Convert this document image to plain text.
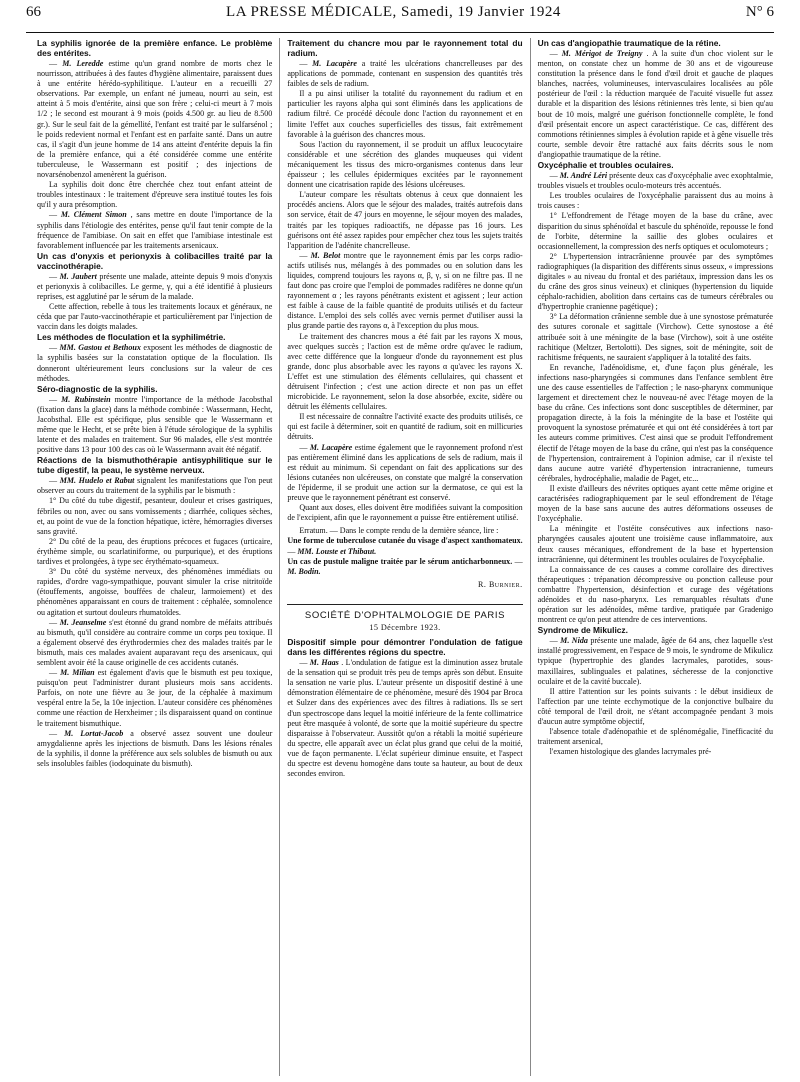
66	LA PRESSE MÉDICALE, Samedi, 19 Janvier 1924	N° 6
La syphilis ignorée de la première enfance. Le problème des entérites.

— M. Leredde estime qu'un grand nombre de morts chez le nourrisson, attribuées à des fautes d'hygiène alimentaire, paraissent dues à une entérite hérédo-syphilitique. L'auteur en a recueilli 27 observations. Par exemple, un enfant né jumeau, nourri au sein, est atteint à 5 mois d'entérite, ainsi que son frère ; celui-ci meurt à 7 mois 1/2 ; le second est mourant à 9 mois (poids 4.500 gr. au lieu de 8.500 gr.). Sur le seul fait de la gémellité, l'enfant est traité par le sulfarsénol ; le poids redevient normal et l'enfant est en parfaite santé. Dans un autre cas, il s'agit d'un jeune homme de 14 ans atteint d'entérite depuis la fin de la première enfance, qui a été considérée comme une entérite tuberculeuse, le Wassermann est positif ; des injections de novarsénobenzol amenèrent la guérison.

La syphilis doit donc être cherchée chez tout enfant atteint de troubles intestinaux : le traitement d'épreuve sera institué toutes les fois qu'il y aura présomption.

— M. Clément Simon , sans mettre en doute l'importance de la syphilis dans l'étiologie des entérites, pense qu'il faut tenir compte de la fréquence de l'amibiase. On sait en effet que l'amibiase intestinale est favorablement influencée par les traitements arsenicaux.

Un cas d'onyxis et perionyxis à colibacilles traité par la vaccinothérapie.

— M. Jaubert présente une malade, atteinte depuis 9 mois d'onyxis et perionyxis à colibacilles. Le germe, γ, qui a été identifié à plusieurs reprises, est agglutiné par le sérum de la malade.

Cette affection, rebelle à tous les traitements locaux et généraux, ne céda que par l'auto-vaccinothérapie et particulièrement par l'injection de vaccin dans les doigts malades.

Les méthodes de floculation et la syphilimétrie.

— MM. Gastou et Bethoux exposent les méthodes de diagnostic de la syphilis basées sur la constatation optique de la floculation. Ils donneront ultérieurement leurs conclusions sur la valeur de ces méthodes.

Séro-diagnostic de la syphilis.

— M. Rubinstein montre l'importance de la méthode Jacobsthal (fixation dans la glace) dans la méthode combinée : Wassermann, Hecht, Jacobsthal. Elle est spécifique, plus sensible que le Wassermann et même que le Hecht, et se prête bien à l'étude sérologique de la syphilis latente et des malades en traitement. Sur 96 malades, elle s'est montrée positive dans 13 pour 100 des cas où le Wassermann avait été négatif.

Réactions de la bismuthothérapie antisyphilitique sur le tube digestif, la peau, le système nerveux.

— MM. Hudelo et Rabut signalent les manifestations que l'on peut observer au cours du traitement de la syphilis par le bismuth :

1° Du côté du tube digestif, pesanteur, douleur et crises gastriques, fébriles ou non, avec ou sans vomissements ; diarrhée, coliques sèches, et, au point de vue de la fonction hépatique, ictère, hémorragies diverses sans gravité.

2° Du côté de la peau, des éruptions précoces et fugaces (urticaire, érythème simple, ou scarlatiniforme, ou purpurique), et des éruptions tardives et prolongées, à type sec érythémato-squameux.

3° Du côté du système nerveux, des phénomènes immédiats ou rapides, d'ordre vago-sympathique, pouvant simuler la crise nitritoïde (étouffements, angoisse, bouffées de chaleur, larmoiement) et des phénomènes apparaissant en cours de traitement : céphalée, somnolence ou agitation et surtout douleurs rhumatoïdes.

— M. Jeanselme s'est étonné du grand nombre de méfaits attribués au bismuth, qu'il considère au contraire comme un corps peu toxique. Il a également observé des érythrodermies chez des malades traités par le bismuth, mais ces malades avaient auparavant reçu des arsenicaux, qui semblent avoir été la cause originelle de ces accidents cutanés.

— M. Milian est également d'avis que le bismuth est peu toxique, puisqu'on peut l'administrer durant plusieurs mois sans accidents. Parfois, on note une fièvre au 3e jour, de la céphalée à maximum vespéral entre la 5e, la 10e injection. L'auteur considère ces phénomènes comme une réaction de Herxheimer ; ils disparaissent quand on continue le traitement bismuthique.

— M. Lortat-Jacob a observé assez souvent une douleur amygdalienne après les injections de bismuth. Dans les lésions rénales de la syphilis, il donne la préférence aux sels solubles de bismuth ou aux sels insolubles faibles (iodoquinate du bismuth).

Traitement du chancre mou par le rayonnement total du radium.

— M. Lacapère a traité les ulcérations chancrelleuses par des applications de pommade, contenant en suspension des quantités très faibles de sels de radium.

Il a pu ainsi utiliser la totalité du rayonnement du radium et en particulier les rayons alpha qui sont éliminés dans les applications de radium filtré. Ce procédé découle donc l'action du rayonnement et en limite l'effet aux couches superficielles des tissus, fait extrêmement favorable à la guérison des chancres mous.

Sous l'action du rayonnement, il se produit un afflux leucocytaire considérable et une sécrétion des glandes muqueuses qui vident mécaniquement les tissus des micro-organismes contenus dans leur épaisseur ; les cellules épidermiques excitées par le rayonnement donnent une cicatrisation rapide des lésions ulcéreuses.

L'auteur compare les résultats obtenus à ceux que donnaient les procédés anciens. Alors que le séjour des malades, traités autrefois dans son service, était de 47 jours en moyenne, le séjour moyen des malades, traités par les topiques radioactifs, ne dépasse pas 16 jours. Les guérisons ont été assez rapides pour empêcher chez tous les sujets traités l'apparition de l'adénite chancrelleuse.

— M. Belot montre que le rayonnement émis par les corps radio-actifs utilisés nus, mélangés à des pommades ou en solution dans les liquides, comprend toujours les rayons α, β, γ, si on ne filtre pas. Il ne faut donc pas croire que l'emploi de pommades radifères ne donne qu'un rayonnement α ; les rayons pénétrants existent et agissent ; leur action est faible à cause de la faible quantité de produits utilisés et du facteur distance. L'emploi des sels collés avec vernis permet d'utiliser aussi la plus grande partie des rayons α, à l'exception du plus mous.

Le traitement des chancres mous a été fait par les rayons X mous, avec quelques succès ; l'action est de même ordre qu'avec le radium, avec cette différence que la longueur d'onde du rayonnement est plus grande, donc plus absorbable avec les rayons α qu'avec les rayons X. L'effet est une stimulation des éléments cellulaires, qui chassent et détruisent l'infection ; c'est une action directe et non pas un effet microbicide. Le rayonnement, selon la dose absorbée, excite, sidère ou détruit les éléments cellulaires.

Il est nécessaire de connaître l'activité exacte des produits utilisés, ce qui est facile à déterminer, soit en quantité de radium, soit en millicuries détruits.

— M. Lacapère estime également que le rayonnement profond n'est pas entièrement éliminé dans les applications de sels de radium, mais il est réduit au minimum. Si cependant on fait des applications sur des lésions cutanées non ulcéreuses, on constate que malgré la conservation de l'épiderme, il se produit une action sur la dermatose, ce qui est la preuve que le rayonnement pénétrant est conservé.

Quant aux doses, elles doivent être modifiées suivant la composition de l'excipient, afin que le rayonnement α puisse être entièrement utilisé.

Erratum. — Dans le compte rendu de la dernière séance, lire :

Une forme de tuberculose cutanée du visage d'aspect xanthomateux. — MM. Louste et Thibaut.

Un cas de pustule maligne traitée par le sérum anticharbonneux. — M. Bodin.

R. Burnier.
SOCIÉTÉ D'OPHTALMOLOGIE DE PARIS
15 Décembre 1923.
Dispositif simple pour démontrer l'ondulation de fatigue dans les différentes régions du spectre.

— M. Haas . L'ondulation de fatigue est la diminution assez brutale de la sensation qui se produit très peu de temps après son début. Ensuite la sensation ne varie plus. L'auteur présente un dispositif destiné à une démonstration élémentaire de ce phénomène, mesuré dès 1904 par Broca et Sulzer dans des expériences avec des filtres à radiations. Ils se sert d'un spectroscope dans lequel la moitié inférieure de la fente collimatrice peut être masquée à volonté, de sorte que la moitié supérieure du spectre disparaisse à l'observateur. Aussitôt qu'on a rétabli la moitié supérieure du spectre, elle apparaît avec un éclat plus grand que celui de la moitié, vue de façon permanente. L'éclat supérieur diminue ensuite, et l'aspect du spectre est devenu homogène dans toute sa hauteur, au bout de deux secondes environ.

Un cas d'angiopathie traumatique de la rétine.

— M. Mérigot de Treigny . A la suite d'un choc violent sur le menton, on constate chez un homme de 30 ans et de vigoureuse constitution la présence dans le fond d'œil droit et gauche de plaques blanches, nacrées, volumineuses, intervasculaires localisées au pôle postérieur de l'œil : la réduction marquée de l'acuité visuelle fut assez durable et la disparition des lésions rétiniennes très lente, si bien qu'au bout de 10 mois, malgré une guérison fonctionnelle complète, le fond d'œil présentait encore un aspect caractéristique. Ce cas, différent des commotions rétiniennes simples à évolution rapide et à gêne visuelle très courte, semble devoir être rattaché aux faits décrits sous le nom d'angiopathie traumatique de la rétine.

Oxycéphalie et troubles oculaires.

— M. André Léri présente deux cas d'oxycéphalie avec exophtalmie, troubles visuels et troubles oculo-moteurs très accentués.

Les troubles oculaires de l'oxycéphalie paraissent dus au moins à trois causes :

1° L'effondrement de l'étage moyen de la base du crâne, avec disparition du sinus sphénoïdal et bascule du sphénoïde, repousse le fond de l'orbite, détermine la saillie des globes oculaires et occasionnellement, la compression des nerfs optiques et oculomoteurs ;

2° L'hypertension intracrânienne prouvée par des symptômes radiographiques (la disparition des différents sinus osseux, « impressions digitales » au niveau du frontal et des pariétaux, impression dans les os du crâne des gros sinus veineux) et cliniques (hypertension du liquide céphalo-rachidien, abolition dans certains cas de tumeurs cérébrales ou d'hypertrophie cranienne pagétique) ;

3° La déformation crânienne semble due à une synostose prématurée des sutures coronale et sagittale (Virchow). Cette synostose a été attribuée soit à une méningite de la base (Virchow), soit à une ostéite rachitique (Meltzer, Bertolotti). Des signes, soit de méningite, soit de rachitisme fréquents, ne sauraient s'appliquer à la totalité des faits.

En revanche, l'adénoïdisme, et, d'une façon plus générale, les infections naso-pharyngées si communes dans l'enfance semblent être une des cause essentielles de l'affection ; le naso-pharynx communique largement et directement chez le nouveau-né avec l'étage moyen de la base du crâne. Ces infections sont donc susceptibles de déterminer, par propagation directe, à la fois la méningite de la base et l'ostéite qui provoquent la synostose prématurée et qui ont été considérées à tort par les auteurs comme primitives. C'est ainsi que se produit l'effondrement électif de l'étage moyen de la base du crâne, qui n'est pas la conséquence de l'hypertension, contrairement à l'opinion admise, car il n'existe tel dans aucune autre variété d'hypertension intracranienne, tumeurs cérébrales, hydrocéphalie, maladie de Paget, etc...

Il existe d'ailleurs des névrites optiques ayant cette même origine et caractérisées radiographiquement par le seul effondrement de l'étage moyen de la base sans aucune des autres déformations osseuses de l'oxycéphalie.

La méningite et l'ostéite consécutives aux infections naso-pharyngées causales ajoutent une troisième cause inflammatoire, aux deux causes mécaniques, effondrement de la base et hypertension intracrânienne, qui déterminent les troubles oculaires de l'oxycéphalie.

La connaissance de ces causes a comme corollaire des directives thérapeutiques : trépanation décompressive ou ponction calleuse pour combattre l'hypertension, désinfection et curage des végétations adénoïdes et du naso-pharynx. Les remarquables résultats d'une opération sur les adénoïdes, même tardive, pratiquée par Gradenigo montrent ce qu'on peut attendre de ces interventions.

Syndrome de Mikulicz.

— M. Nida présente une malade, âgée de 64 ans, chez laquelle s'est installé progressivement, en l'espace de 9 mois, le syndrome de Mikulicz typique (hypertrophie des glandes lacrymales, parotides, sous-maxillaires, sublinguales et palatines, sécheresse de la conjonctive oculaire et de la cavité buccale).

Il attire l'attention sur les points suivants : le début insidieux de l'affection par une teinte ecchymotique de la conjonctive bulbaire du côté temporal de l'œil droit, ne s'étant accompagnée pendant 3 mois d'aucun autre symptôme objectif,

l'absence totale d'adénopathie et de splénomégalie, l'inefficacité du traitement arsenical,

l'examen histologique des glandes lacrymales pré-
